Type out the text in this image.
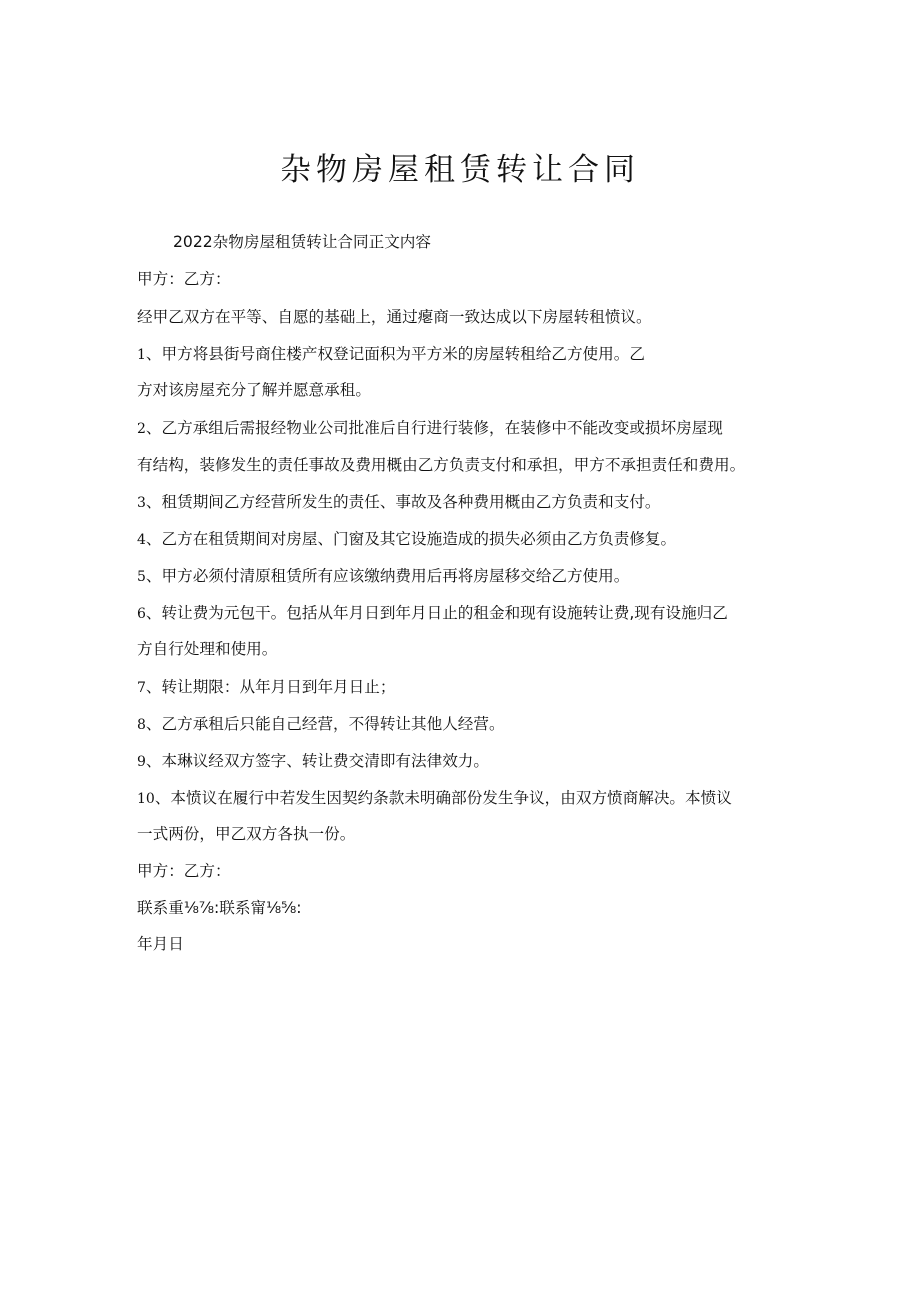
杂物房屋租赁转让合同
2022杂物房屋租赁转让合同正文内容
甲方：乙方：
经甲乙双方在平等、自愿的基础上，通过瘪商一致达成以下房屋转租愤议。
1、甲方将县街号商住楼产权登记面积为平方米的房屋转租给乙方使用。乙
方对该房屋充分了解并愿意承租。
2、乙方承组后需报经物业公司批准后自行进行装修，在装修中不能改变或损坏房屋现
有结构，装修发生的责任事故及费用概由乙方负责支付和承担，甲方不承担责任和费用。
3、租赁期间乙方经营所发生的责任、事故及各种费用概由乙方负责和支付。
4、乙方在租赁期间对房屋、门窗及其它设施造成的损失必须由乙方负责修复。
5、甲方必须付清原租赁所有应该缴纳费用后再将房屋移交给乙方使用。
6、转让费为元包干。包括从年月日到年月日止的租金和现有设施转让费,现有设施归乙
方自行处理和使用。
7、转让期限：从年月日到年月日止；
8、乙方承租后只能自己经营，不得转让其他人经营。
9、本琳议经双方签字、转让费交清即有法律效力。
10、本愤议在履行中若发生因契约条款未明确部份发生争议，由双方愤商解决。本愤议
一式两份，甲乙双方各执一份。
甲方：乙方：
联系重⅛⅞:联系甯⅛⅝:
年月日
